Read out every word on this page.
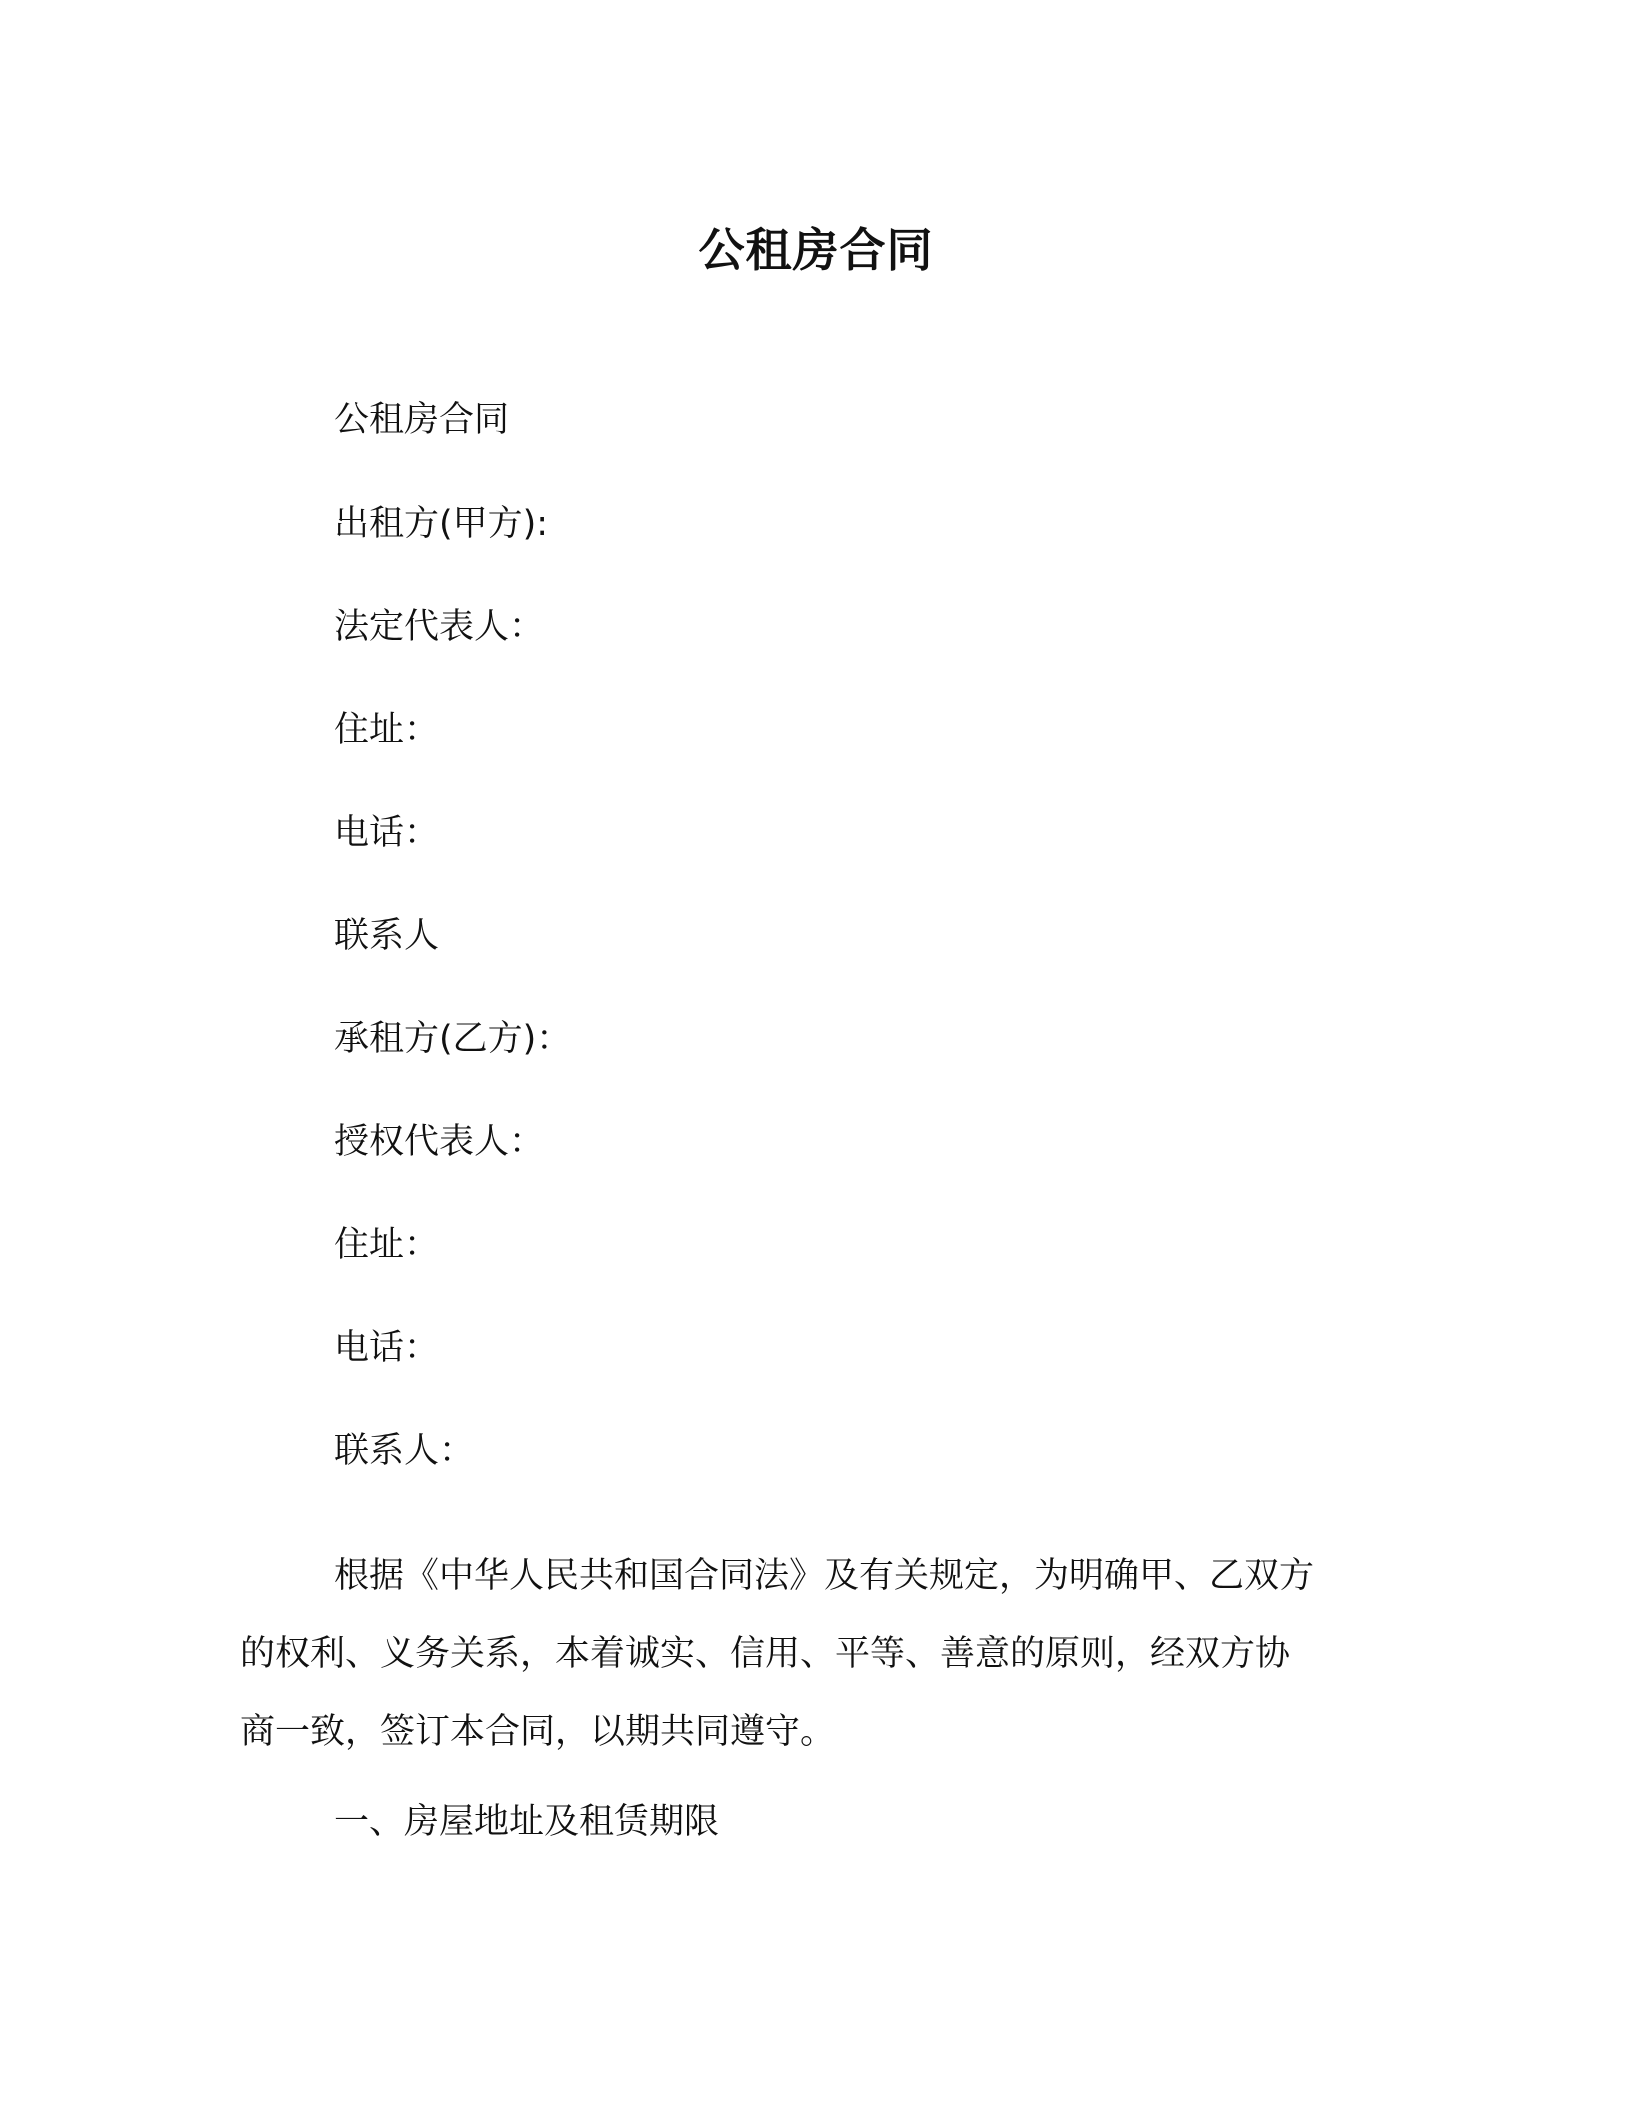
公租房合同
公租房合同
出租方(甲方):
法定代表人：
住址：
电话：
联系人
承租方(乙方)：
授权代表人：
住址：
电话：
联系人：
根据《中华人民共和国合同法》及有关规定，为明确甲、乙双方
的权利、义务关系，本着诚实、信用、平等、善意的原则，经双方协
商一致，签订本合同，以期共同遵守。
一、房屋地址及租赁期限
